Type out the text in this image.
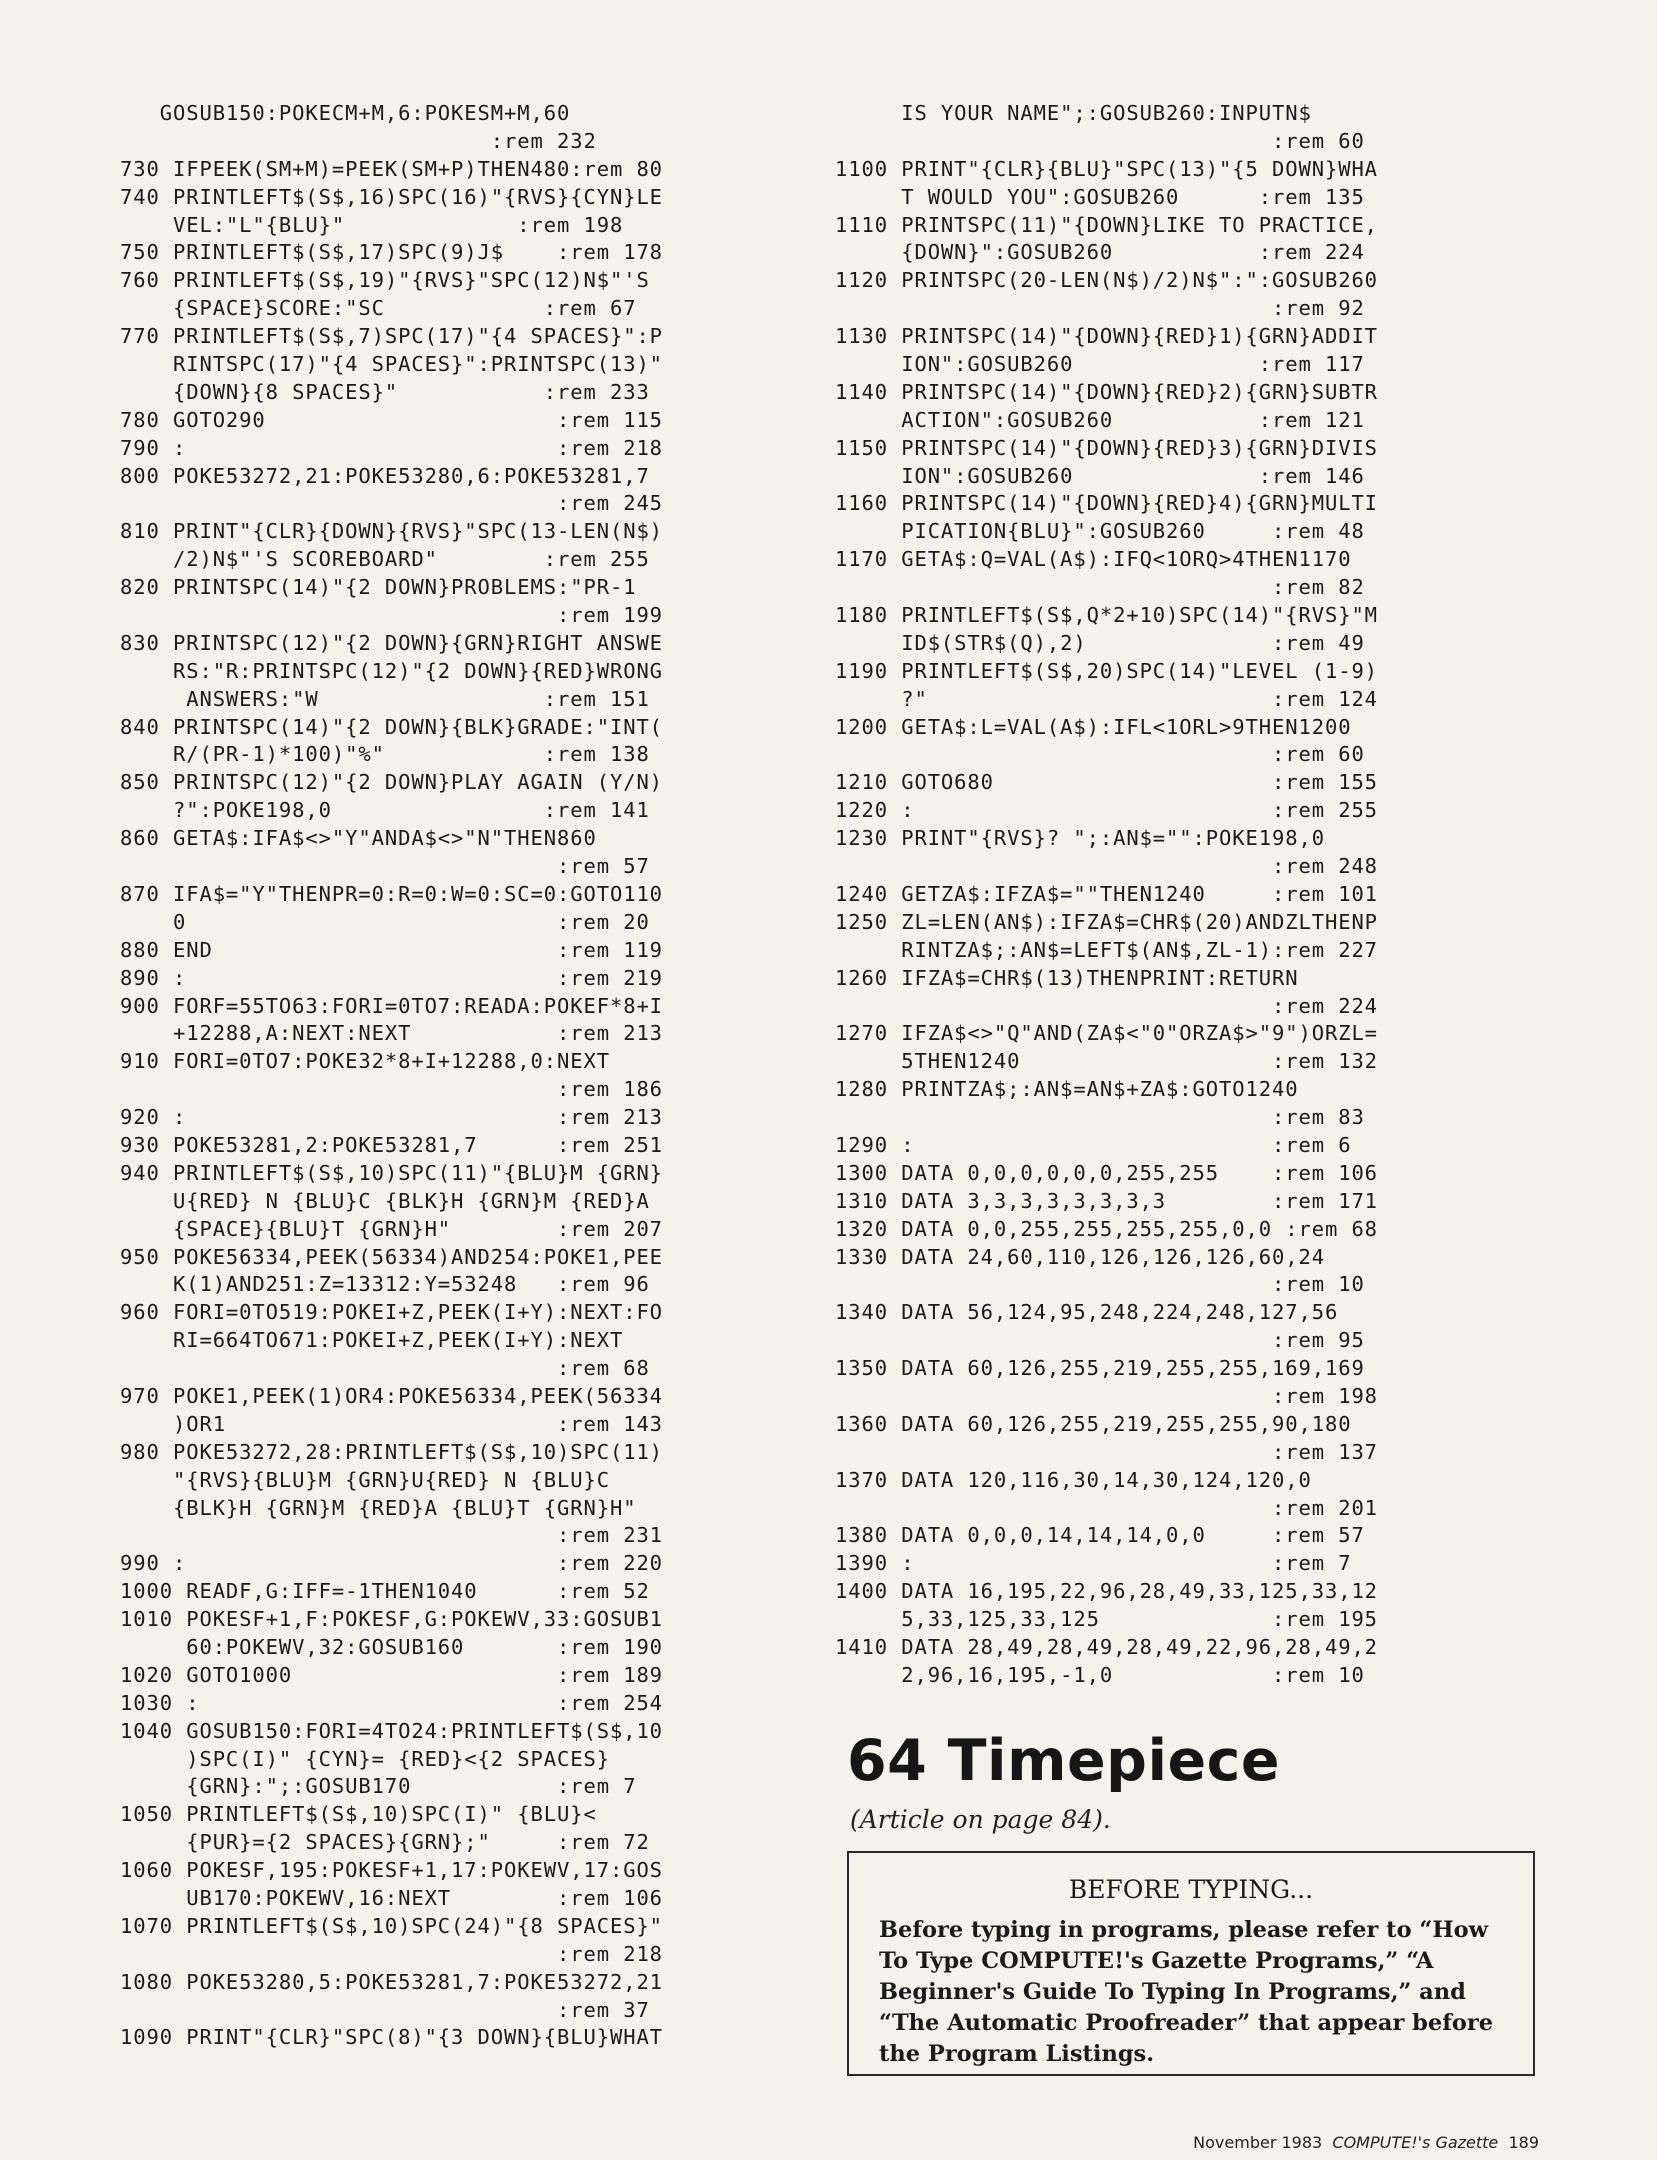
GOSUB150:POKECM+M,6:POKESM+M,60
:rem 232
730 IFPEEK(SM+M)=PEEK(SM+P)THEN480:rem 80
740 PRINTLEFT$(S$,16)SPC(16)"{RVS}{CYN}LE
VEL:"L"{BLU}"             :rem 198
750 PRINTLEFT$(S$,17)SPC(9)J$    :rem 178
760 PRINTLEFT$(S$,19)"{RVS}"SPC(12)N$"'S
{SPACE}SCORE:"SC            :rem 67
770 PRINTLEFT$(S$,7)SPC(17)"{4 SPACES}":P
RINTSPC(17)"{4 SPACES}":PRINTSPC(13)"
{DOWN}{8 SPACES}"           :rem 233
780 GOTO290                      :rem 115
790 :                            :rem 218
800 POKE53272,21:POKE53280,6:POKE53281,7
:rem 245
810 PRINT"{CLR}{DOWN}{RVS}"SPC(13-LEN(N$)
/2)N$"'S SCOREBOARD"        :rem 255
820 PRINTSPC(14)"{2 DOWN}PROBLEMS:"PR-1
:rem 199
830 PRINTSPC(12)"{2 DOWN}{GRN}RIGHT ANSWE
RS:"R:PRINTSPC(12)"{2 DOWN}{RED}WRONG
ANSWERS:"W                 :rem 151
840 PRINTSPC(14)"{2 DOWN}{BLK}GRADE:"INT(
R/(PR-1)*100)"%"            :rem 138
850 PRINTSPC(12)"{2 DOWN}PLAY AGAIN (Y/N)
?":POKE198,0                :rem 141
860 GETA$:IFA$<>"Y"ANDA$<>"N"THEN860
:rem 57
870 IFA$="Y"THENPR=0:R=0:W=0:SC=0:GOTO110
0                            :rem 20
880 END                          :rem 119
890 :                            :rem 219
900 FORF=55TO63:FORI=0TO7:READA:POKEF*8+I
+12288,A:NEXT:NEXT           :rem 213
910 FORI=0TO7:POKE32*8+I+12288,0:NEXT
:rem 186
920 :                            :rem 213
930 POKE53281,2:POKE53281,7      :rem 251
940 PRINTLEFT$(S$,10)SPC(11)"{BLU}M {GRN}
U{RED} N {BLU}C {BLK}H {GRN}M {RED}A
{SPACE}{BLU}T {GRN}H"        :rem 207
950 POKE56334,PEEK(56334)AND254:POKE1,PEE
K(1)AND251:Z=13312:Y=53248   :rem 96
960 FORI=0TO519:POKEI+Z,PEEK(I+Y):NEXT:FO
RI=664TO671:POKEI+Z,PEEK(I+Y):NEXT
:rem 68
970 POKE1,PEEK(1)OR4:POKE56334,PEEK(56334
)OR1                         :rem 143
980 POKE53272,28:PRINTLEFT$(S$,10)SPC(11)
"{RVS}{BLU}M {GRN}U{RED} N {BLU}C
{BLK}H {GRN}M {RED}A {BLU}T {GRN}H"
:rem 231
990 :                            :rem 220
1000 READF,G:IFF=-1THEN1040      :rem 52
1010 POKESF+1,F:POKESF,G:POKEWV,33:GOSUB1
60:POKEWV,32:GOSUB160       :rem 190
1020 GOTO1000                    :rem 189
1030 :                           :rem 254
1040 GOSUB150:FORI=4TO24:PRINTLEFT$(S$,10
)SPC(I)" {CYN}= {RED}<{2 SPACES}
{GRN}:";:GOSUB170           :rem 7
1050 PRINTLEFT$(S$,10)SPC(I)" {BLU}<
{PUR}={2 SPACES}{GRN};"     :rem 72
1060 POKESF,195:POKESF+1,17:POKEWV,17:GOS
UB170:POKEWV,16:NEXT        :rem 106
1070 PRINTLEFT$(S$,10)SPC(24)"{8 SPACES}"
:rem 218
1080 POKE53280,5:POKE53281,7:POKE53272,21
:rem 37
1090 PRINT"{CLR}"SPC(8)"{3 DOWN}{BLU}WHAT
IS YOUR NAME";:GOSUB260:INPUTN$
:rem 60
1100 PRINT"{CLR}{BLU}"SPC(13)"{5 DOWN}WHA
T WOULD YOU":GOSUB260      :rem 135
1110 PRINTSPC(11)"{DOWN}LIKE TO PRACTICE,
{DOWN}":GOSUB260           :rem 224
1120 PRINTSPC(20-LEN(N$)/2)N$":":GOSUB260
:rem 92
1130 PRINTSPC(14)"{DOWN}{RED}1){GRN}ADDIT
ION":GOSUB260              :rem 117
1140 PRINTSPC(14)"{DOWN}{RED}2){GRN}SUBTR
ACTION":GOSUB260           :rem 121
1150 PRINTSPC(14)"{DOWN}{RED}3){GRN}DIVIS
ION":GOSUB260              :rem 146
1160 PRINTSPC(14)"{DOWN}{RED}4){GRN}MULTI
PICATION{BLU}":GOSUB260     :rem 48
1170 GETA$:Q=VAL(A$):IFQ<1ORQ>4THEN1170
:rem 82
1180 PRINTLEFT$(S$,Q*2+10)SPC(14)"{RVS}"M
ID$(STR$(Q),2)              :rem 49
1190 PRINTLEFT$(S$,20)SPC(14)"LEVEL (1-9)
?"                          :rem 124
1200 GETA$:L=VAL(A$):IFL<1ORL>9THEN1200
:rem 60
1210 GOTO680                     :rem 155
1220 :                           :rem 255
1230 PRINT"{RVS}? ";:AN$="":POKE198,0
:rem 248
1240 GETZA$:IFZA$=""THEN1240     :rem 101
1250 ZL=LEN(AN$):IFZA$=CHR$(20)ANDZLTHENP
RINTZA$;:AN$=LEFT$(AN$,ZL-1):rem 227
1260 IFZA$=CHR$(13)THENPRINT:RETURN
:rem 224
1270 IFZA$<>"Q"AND(ZA$<"0"ORZA$>"9")ORZL=
5THEN1240                   :rem 132
1280 PRINTZA$;:AN$=AN$+ZA$:GOTO1240
:rem 83
1290 :                           :rem 6
1300 DATA 0,0,0,0,0,0,255,255    :rem 106
1310 DATA 3,3,3,3,3,3,3,3        :rem 171
1320 DATA 0,0,255,255,255,255,0,0 :rem 68
1330 DATA 24,60,110,126,126,126,60,24
:rem 10
1340 DATA 56,124,95,248,224,248,127,56
:rem 95
1350 DATA 60,126,255,219,255,255,169,169
:rem 198
1360 DATA 60,126,255,219,255,255,90,180
:rem 137
1370 DATA 120,116,30,14,30,124,120,0
:rem 201
1380 DATA 0,0,0,14,14,14,0,0     :rem 57
1390 :                           :rem 7
1400 DATA 16,195,22,96,28,49,33,125,33,12
5,33,125,33,125             :rem 195
1410 DATA 28,49,28,49,28,49,22,96,28,49,2
2,96,16,195,-1,0            :rem 10
64 Timepiece
(Article on page 84).
BEFORE TYPING...
Before typing in programs, please refer to “How To Type COMPUTE!'s Gazette Programs,” “A Beginner's Guide To Typing In Programs,” and “The Automatic Proofreader” that appear before the Program Listings.
November 1983 COMPUTE!'s Gazette 189
